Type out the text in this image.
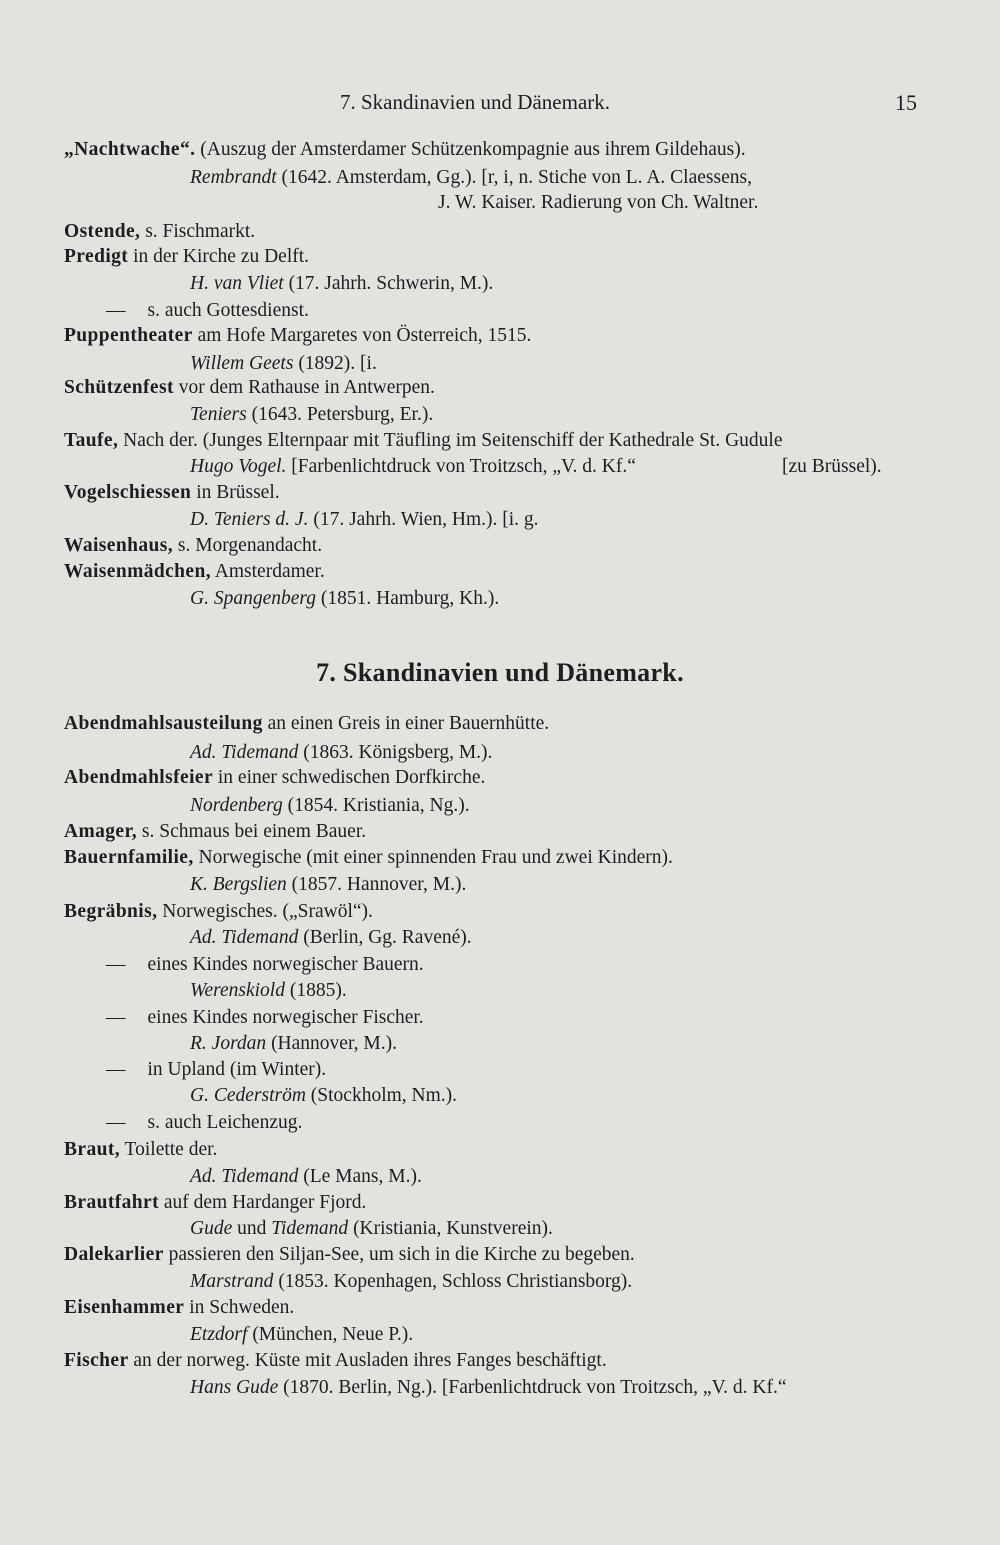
7. Skandinavien und Dänemark.	15
„Nachtwache“. (Auszug der Amsterdamer Schützenkompagnie aus ihrem Gildehaus).
Rembrandt (1642. Amsterdam, Gg.). [r, i, n. Stiche von L. A. Claessens,
J. W. Kaiser. Radierung von Ch. Waltner.
Ostende, s. Fischmarkt.
Predigt in der Kirche zu Delft.
H. van Vliet (17. Jahrh. Schwerin, M.).
— s. auch Gottesdienst.
Puppentheater am Hofe Margaretes von Österreich, 1515.
Willem Geets (1892). [i.
Schützenfest vor dem Rathause in Antwerpen.
Teniers (1643. Petersburg, Er.).
Taufe, Nach der. (Junges Elternpaar mit Täufling im Seitenschiff der Kathedrale St. Gudule
Hugo Vogel. [Farbenlichtdruck von Troitzsch, „V. d. Kf.“	[zu Brüssel).
Vogelschiessen in Brüssel.
D. Teniers d. J. (17. Jahrh. Wien, Hm.). [i. g.
Waisenhaus, s. Morgenandacht.
Waisenmädchen, Amsterdamer.
G. Spangenberg (1851. Hamburg, Kh.).
7. Skandinavien und Dänemark.
Abendmahlsausteilung an einen Greis in einer Bauernhütte.
Ad. Tidemand (1863. Königsberg, M.).
Abendmahlsfeier in einer schwedischen Dorfkirche.
Nordenberg (1854. Kristiania, Ng.).
Amager, s. Schmaus bei einem Bauer.
Bauernfamilie, Norwegische (mit einer spinnenden Frau und zwei Kindern).
K. Bergslien (1857. Hannover, M.).
Begräbnis, Norwegisches. („Srawöl“).
Ad. Tidemand (Berlin, Gg. Ravené).
— eines Kindes norwegischer Bauern.
Werenskiold (1885).
— eines Kindes norwegischer Fischer.
R. Jordan (Hannover, M.).
— in Upland (im Winter).
G. Cederström (Stockholm, Nm.).
— s. auch Leichenzug.
Braut, Toilette der.
Ad. Tidemand (Le Mans, M.).
Brautfahrt auf dem Hardanger Fjord.
Gude und Tidemand (Kristiania, Kunstverein).
Dalekarlier passieren den Siljan-See, um sich in die Kirche zu begeben.
Marstrand (1853. Kopenhagen, Schloss Christiansborg).
Eisenhammer in Schweden.
Etzdorf (München, Neue P.).
Fischer an der norweg. Küste mit Ausladen ihres Fanges beschäftigt.
Hans Gude (1870. Berlin, Ng.). [Farbenlichtdruck von Troitzsch, „V. d. Kf.“
